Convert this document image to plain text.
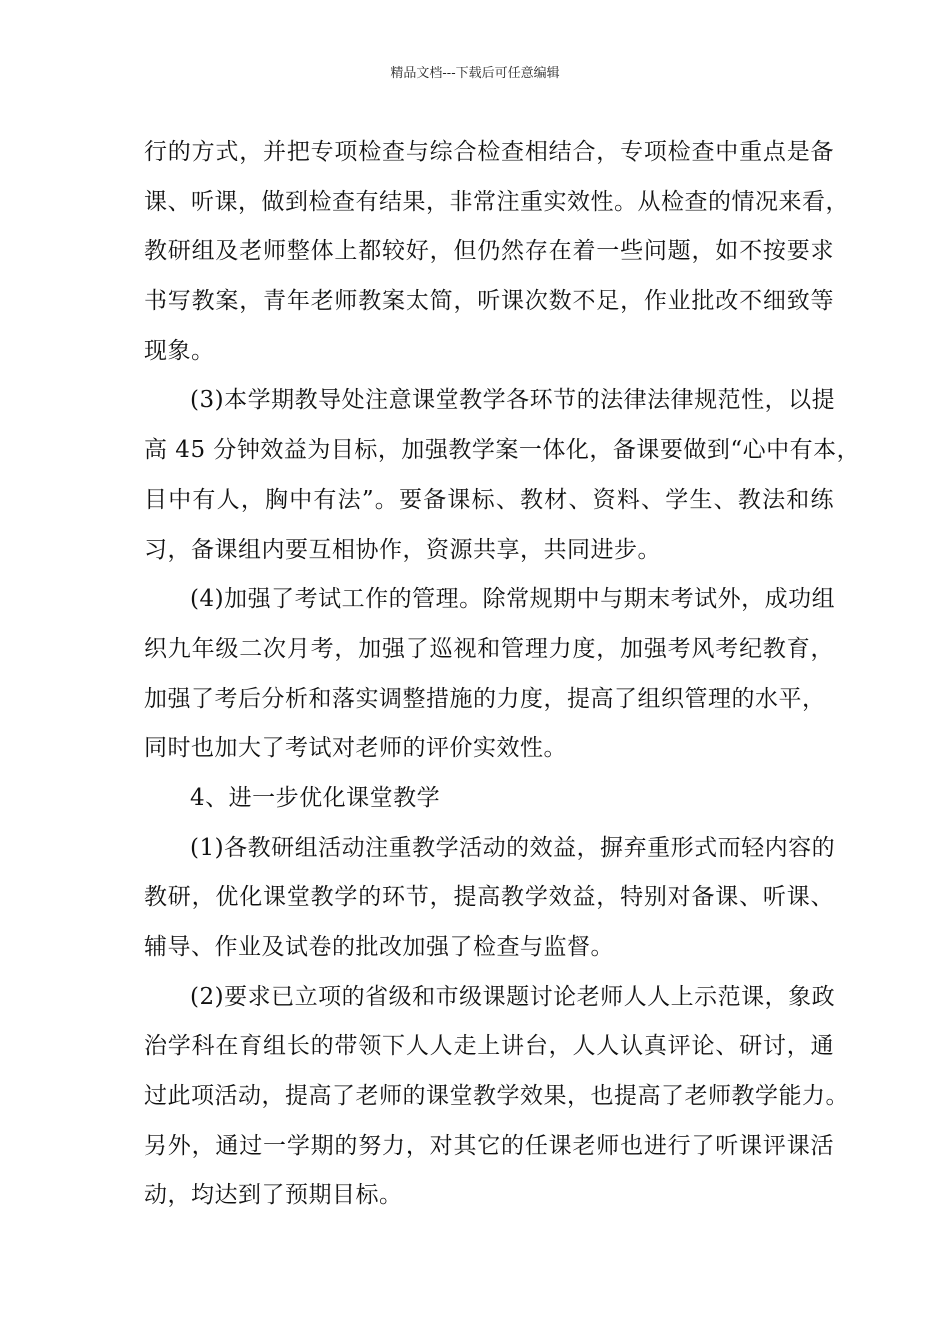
精品文档---下载后可任意编辑
行的方式，并把专项检查与综合检查相结合，专项检查中重点是备
课、听课，做到检查有结果，非常注重实效性。从检查的情况来看，
教研组及老师整体上都较好，但仍然存在着一些问题，如不按要求
书写教案，青年老师教案太简，听课次数不足，作业批改不细致等
现象。
(3)本学期教导处注意课堂教学各环节的法律法律规范性，以提
高 45 分钟效益为目标，加强教学案一体化，备课要做到“心中有本，
目中有人，胸中有法”。要备课标、教材、资料、学生、教法和练
习，备课组内要互相协作，资源共享，共同进步。
(4)加强了考试工作的管理。除常规期中与期末考试外，成功组
织九年级二次月考，加强了巡视和管理力度，加强考风考纪教育，
加强了考后分析和落实调整措施的力度，提高了组织管理的水平，
同时也加大了考试对老师的评价实效性。
4、进一步优化课堂教学
(1)各教研组活动注重教学活动的效益，摒弃重形式而轻内容的
教研，优化课堂教学的环节，提高教学效益，特别对备课、听课、
辅导、作业及试卷的批改加强了检查与监督。
(2)要求已立项的省级和市级课题讨论老师人人上示范课，象政
治学科在育组长的带领下人人走上讲台，人人认真评论、研讨，通
过此项活动，提高了老师的课堂教学效果，也提高了老师教学能力。
另外，通过一学期的努力，对其它的任课老师也进行了听课评课活
动，均达到了预期目标。
